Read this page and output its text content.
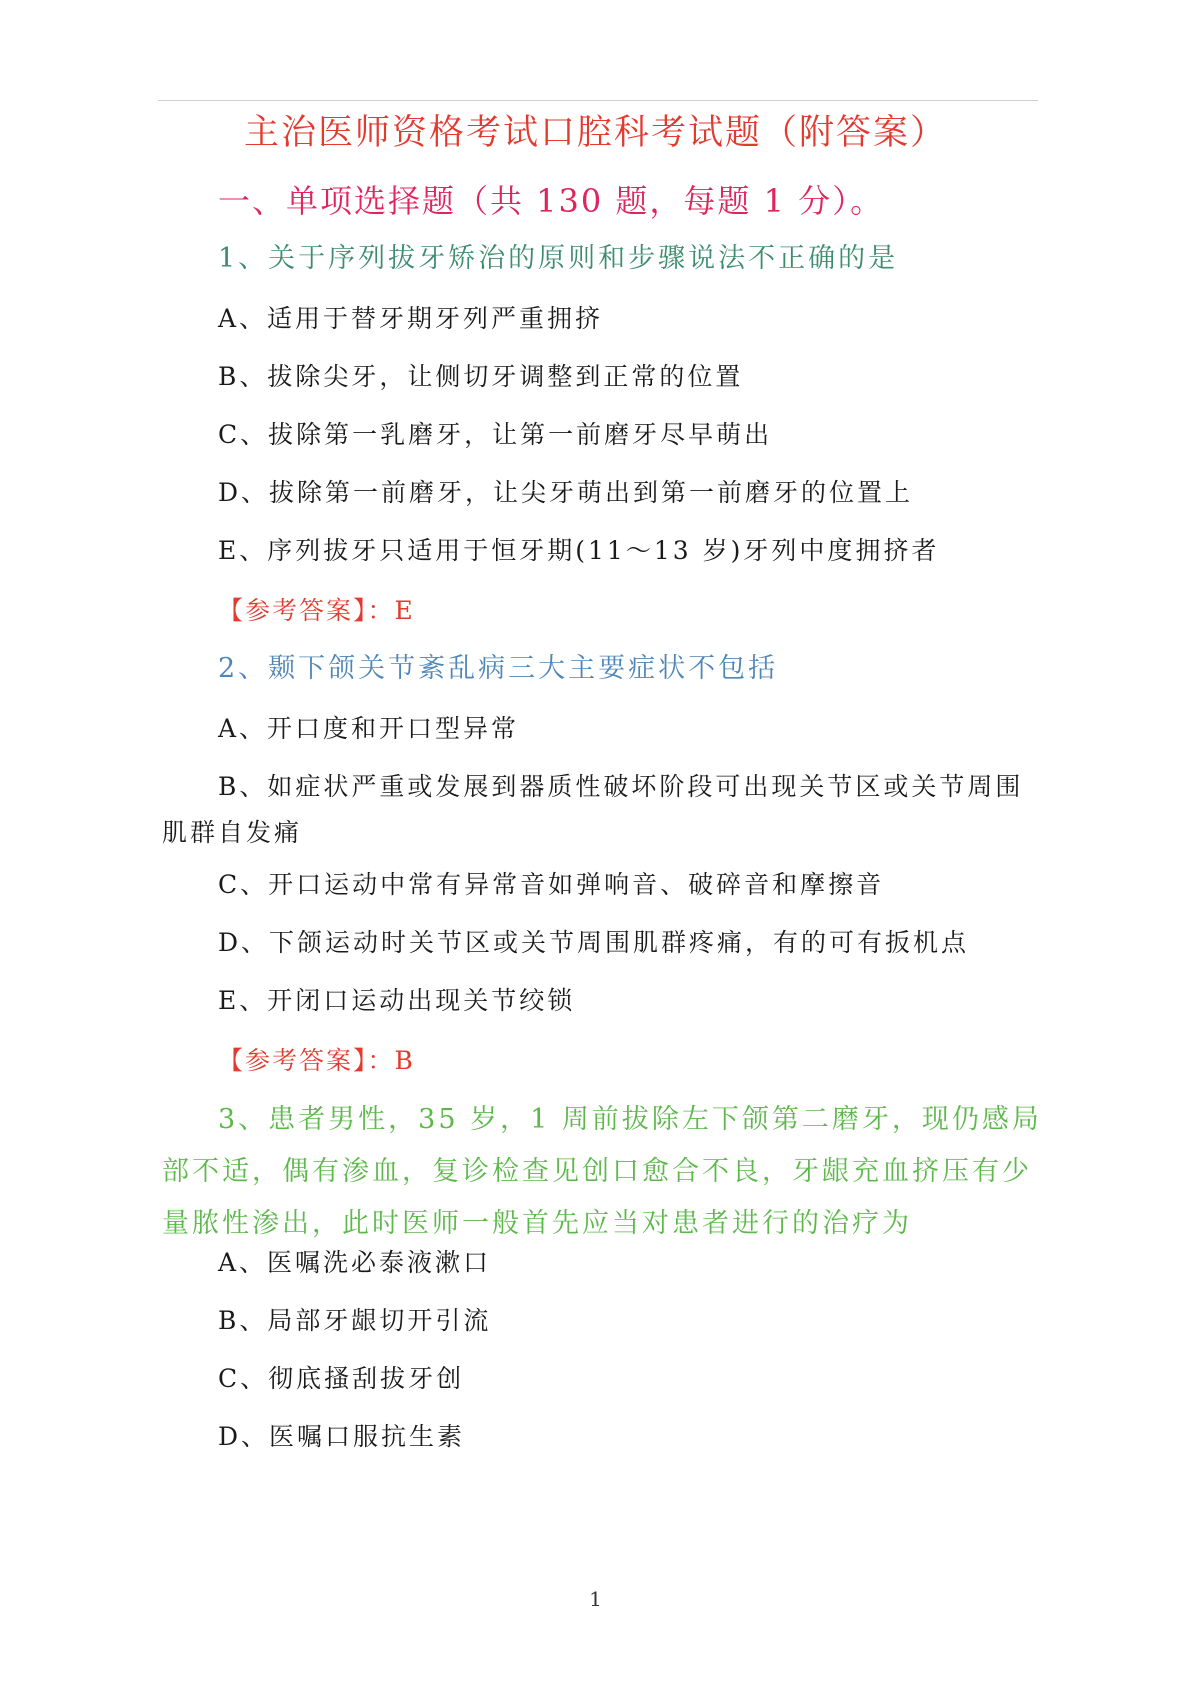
主治医师资格考试口腔科考试题（附答案）
一、单项选择题（共 130 题，每题 1 分）。

1、关于序列拔牙矫治的原则和步骤说法不正确的是

A、适用于替牙期牙列严重拥挤

B、拔除尖牙，让侧切牙调整到正常的位置

C、拔除第一乳磨牙，让第一前磨牙尽早萌出

D、拔除第一前磨牙，让尖牙萌出到第一前磨牙的位置上

E、序列拔牙只适用于恒牙期(11～13 岁)牙列中度拥挤者

【参考答案】：E

2、颞下颌关节紊乱病三大主要症状不包括

A、开口度和开口型异常

B、如症状严重或发展到器质性破坏阶段可出现关节区或关节周围肌群自发痛

C、开口运动中常有异常音如弹响音、破碎音和摩擦音

D、下颌运动时关节区或关节周围肌群疼痛，有的可有扳机点

E、开闭口运动出现关节绞锁

【参考答案】：B

3、患者男性，35 岁，1 周前拔除左下颌第二磨牙，现仍感局部不适，偶有渗血，复诊检查见创口愈合不良，牙龈充血挤压有少量脓性渗出，此时医师一般首先应当对患者进行的治疗为

A、医嘱洗必泰液漱口

B、局部牙龈切开引流

C、彻底搔刮拔牙创

D、医嘱口服抗生素

1
